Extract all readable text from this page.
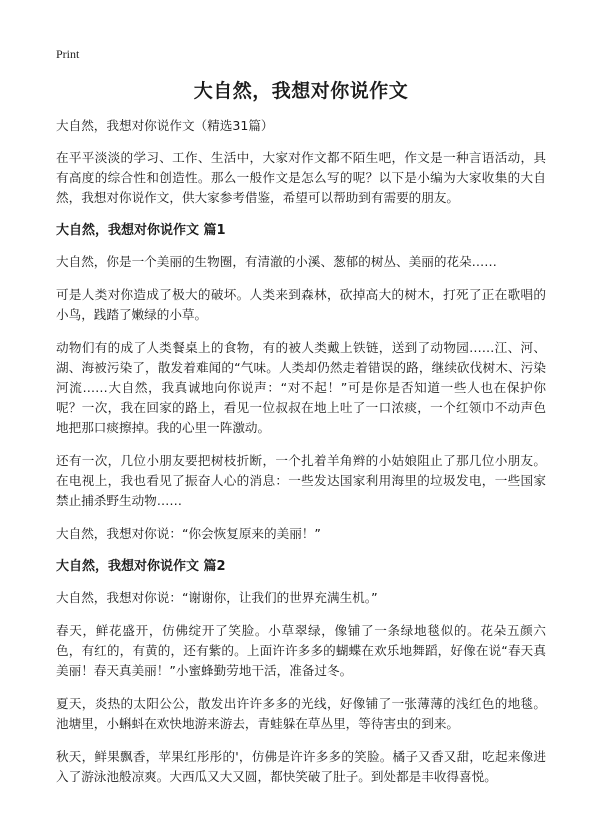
Print
大自然，我想对你说作文
大自然，我想对你说作文（精选31篇）

在平平淡淡的学习、工作、生活中，大家对作文都不陌生吧，作文是一种言语活动，具有高度的综合性和创造性。那么一般作文是怎么写的呢？以下是小编为大家收集的大自然，我想对你说作文，供大家参考借鉴，希望可以帮助到有需要的朋友。

大自然，我想对你说作文 篇1

大自然，你是一个美丽的生物圈，有清澈的小溪、葱郁的树丛、美丽的花朵……

可是人类对你造成了极大的破坏。人类来到森林，砍掉高大的树木，打死了正在歌唱的小鸟，践踏了嫩绿的小草。

动物们有的成了人类餐桌上的食物，有的被人类戴上铁链，送到了动物园……江、河、湖、海被污染了，散发着难闻的“气味。人类却仍然走着错误的路，继续砍伐树木、污染河流……大自然，我真诚地向你说声：“对不起！”可是你是否知道一些人也在保护你呢？一次，我在回家的路上，看见一位叔叔在地上吐了一口浓痰，一个红领巾不动声色地把那口痰擦掉。我的心里一阵激动。

还有一次，几位小朋友要把树枝折断，一个扎着羊角辫的小姑娘阻止了那几位小朋友。在电视上，我也看见了振奋人心的消息：一些发达国家利用海里的垃圾发电，一些国家禁止捕杀野生动物……

大自然，我想对你说：“你会恢复原来的美丽！”

大自然，我想对你说作文 篇2

大自然，我想对你说：“谢谢你，让我们的世界充满生机。”

春天，鲜花盛开，仿佛绽开了笑脸。小草翠绿，像铺了一条绿地毯似的。花朵五颜六色，有红的，有黄的，还有紫的。上面许许多多的蝴蝶在欢乐地舞蹈，好像在说“春天真美丽！春天真美丽！”小蜜蜂勤劳地干活，准备过冬。

夏天，炎热的太阳公公，散发出许许多多的光线，好像铺了一张薄薄的浅红色的地毯。池塘里，小蝌蚪在欢快地游来游去，青蛙躲在草丛里，等待害虫的到来。

秋天，鲜果飘香，苹果红彤彤的'，仿佛是许许多多的笑脸。橘子又香又甜，吃起来像进入了游泳池般凉爽。大西瓜又大又圆，都快笑破了肚子。到处都是丰收得喜悦。
